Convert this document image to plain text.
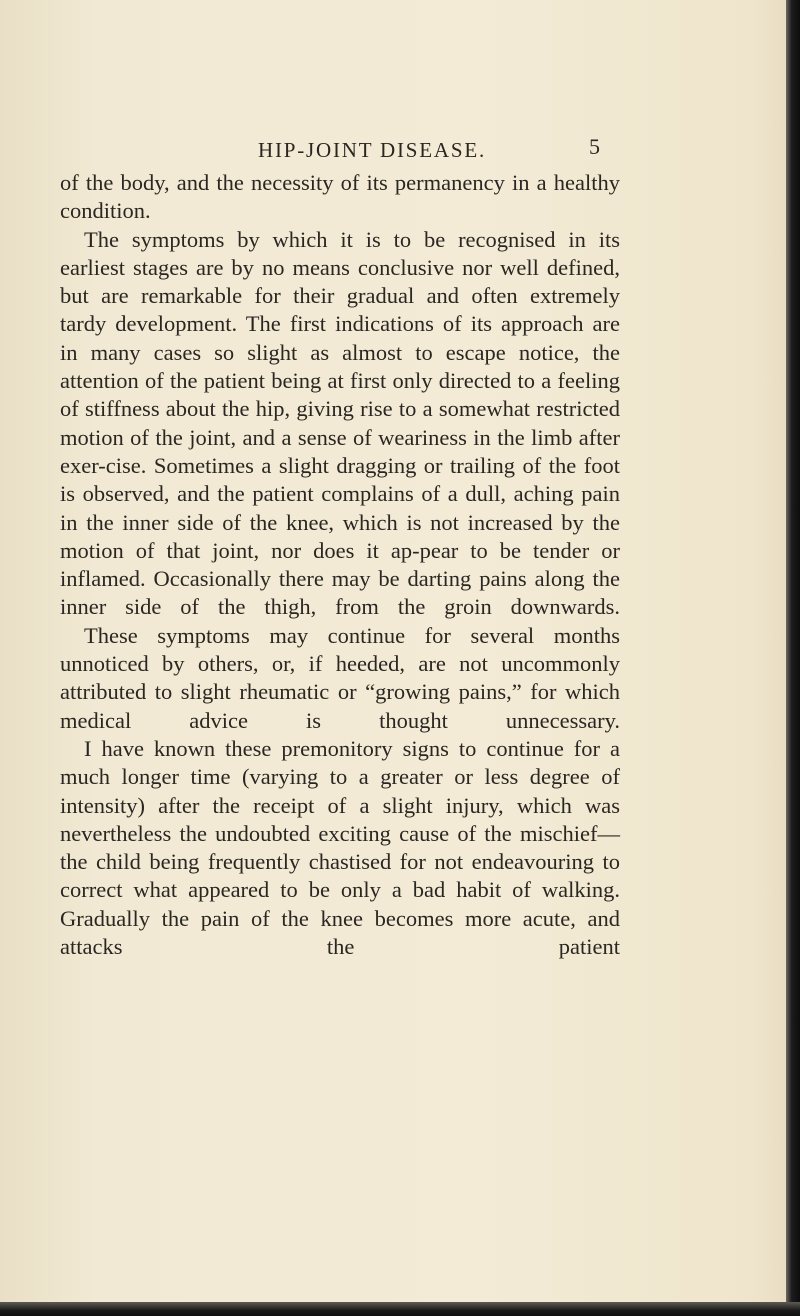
HIP-JOINT DISEASE.	5

of the body, and the necessity of its permanency in a healthy condition.

The symptoms by which it is to be recognised in its earliest stages are by no means conclusive nor well defined, but are remarkable for their gradual and often extremely tardy development. The first indications of its approach are in many cases so slight as almost to escape notice, the attention of the patient being at first only directed to a feeling of stiffness about the hip, giving rise to a somewhat restricted motion of the joint, and a sense of weariness in the limb after exer-cise. Sometimes a slight dragging or trailing of the foot is observed, and the patient complains of a dull, aching pain in the inner side of the knee, which is not increased by the motion of that joint, nor does it ap-pear to be tender or inflamed. Occasionally there may be darting pains along the inner side of the thigh, from the groin downwards.

These symptoms may continue for several months unnoticed by others, or, if heeded, are not uncommonly attributed to slight rheumatic or “growing pains,” for which medical advice is thought unnecessary.

I have known these premonitory signs to continue for a much longer time (varying to a greater or less degree of intensity) after the receipt of a slight injury, which was nevertheless the undoubted exciting cause of the mischief—the child being frequently chastised for not endeavouring to correct what appeared to be only a bad habit of walking. Gradually the pain of the knee becomes more acute, and attacks the patient
